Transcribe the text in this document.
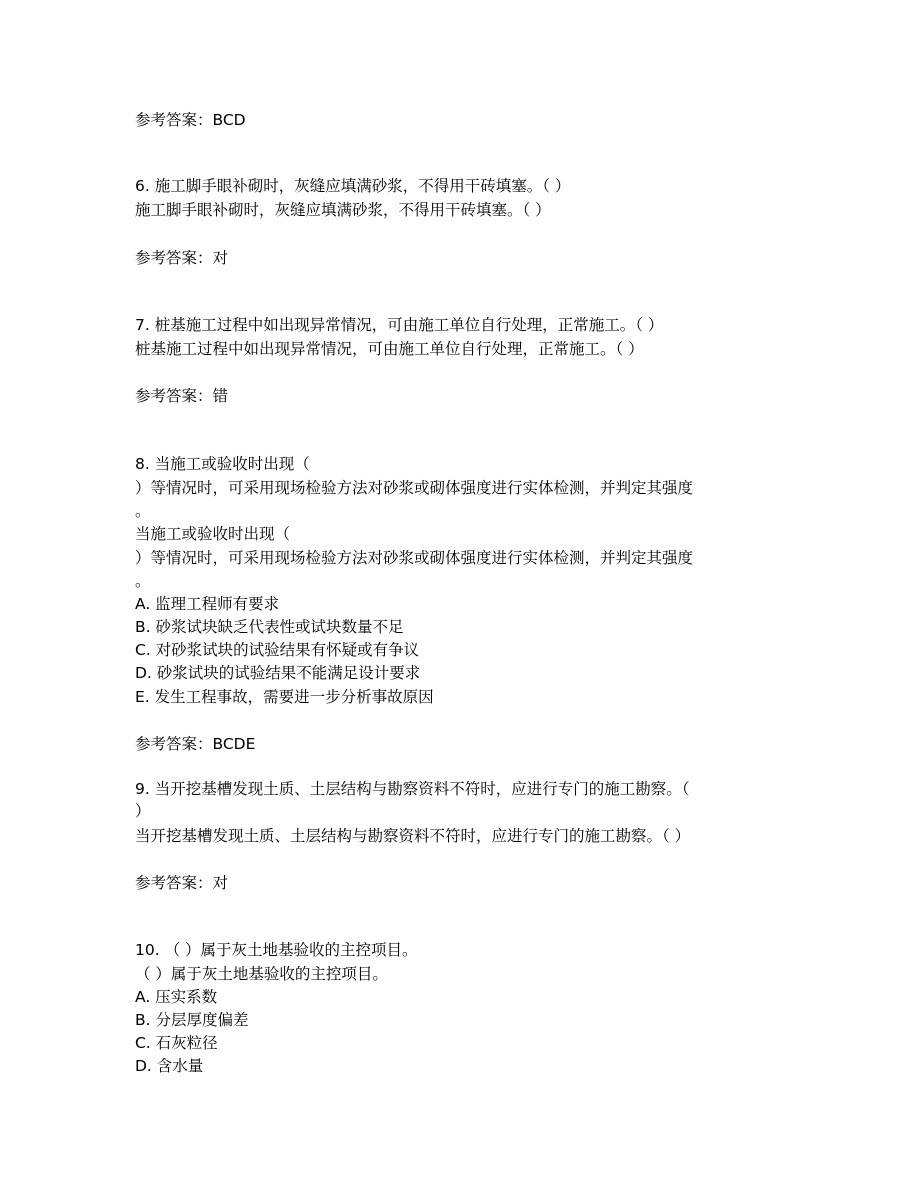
参考答案：BCD
6. 施工脚手眼补砌时，灰缝应填满砂浆，不得用干砖填塞。（ ）
施工脚手眼补砌时，灰缝应填满砂浆，不得用干砖填塞。（ ）
参考答案：对
7. 桩基施工过程中如出现异常情况，可由施工单位自行处理，正常施工。（ ）
桩基施工过程中如出现异常情况，可由施工单位自行处理，正常施工。（ ）
参考答案：错
8. 当施工或验收时出现（
）等情况时，可采用现场检验方法对砂浆或砌体强度进行实体检测，并判定其强度
。
当施工或验收时出现（
）等情况时，可采用现场检验方法对砂浆或砌体强度进行实体检测，并判定其强度
。
A. 监理工程师有要求
B. 砂浆试块缺乏代表性或试块数量不足
C. 对砂浆试块的试验结果有怀疑或有争议
D. 砂浆试块的试验结果不能满足设计要求
E. 发生工程事故，需要进一步分析事故原因
参考答案：BCDE
9. 当开挖基槽发现土质、土层结构与勘察资料不符时，应进行专门的施工勘察。（
）
当开挖基槽发现土质、土层结构与勘察资料不符时，应进行专门的施工勘察。（ ）
参考答案：对
10. （ ）属于灰土地基验收的主控项目。
（ ）属于灰土地基验收的主控项目。
A. 压实系数
B. 分层厚度偏差
C. 石灰粒径
D. 含水量
